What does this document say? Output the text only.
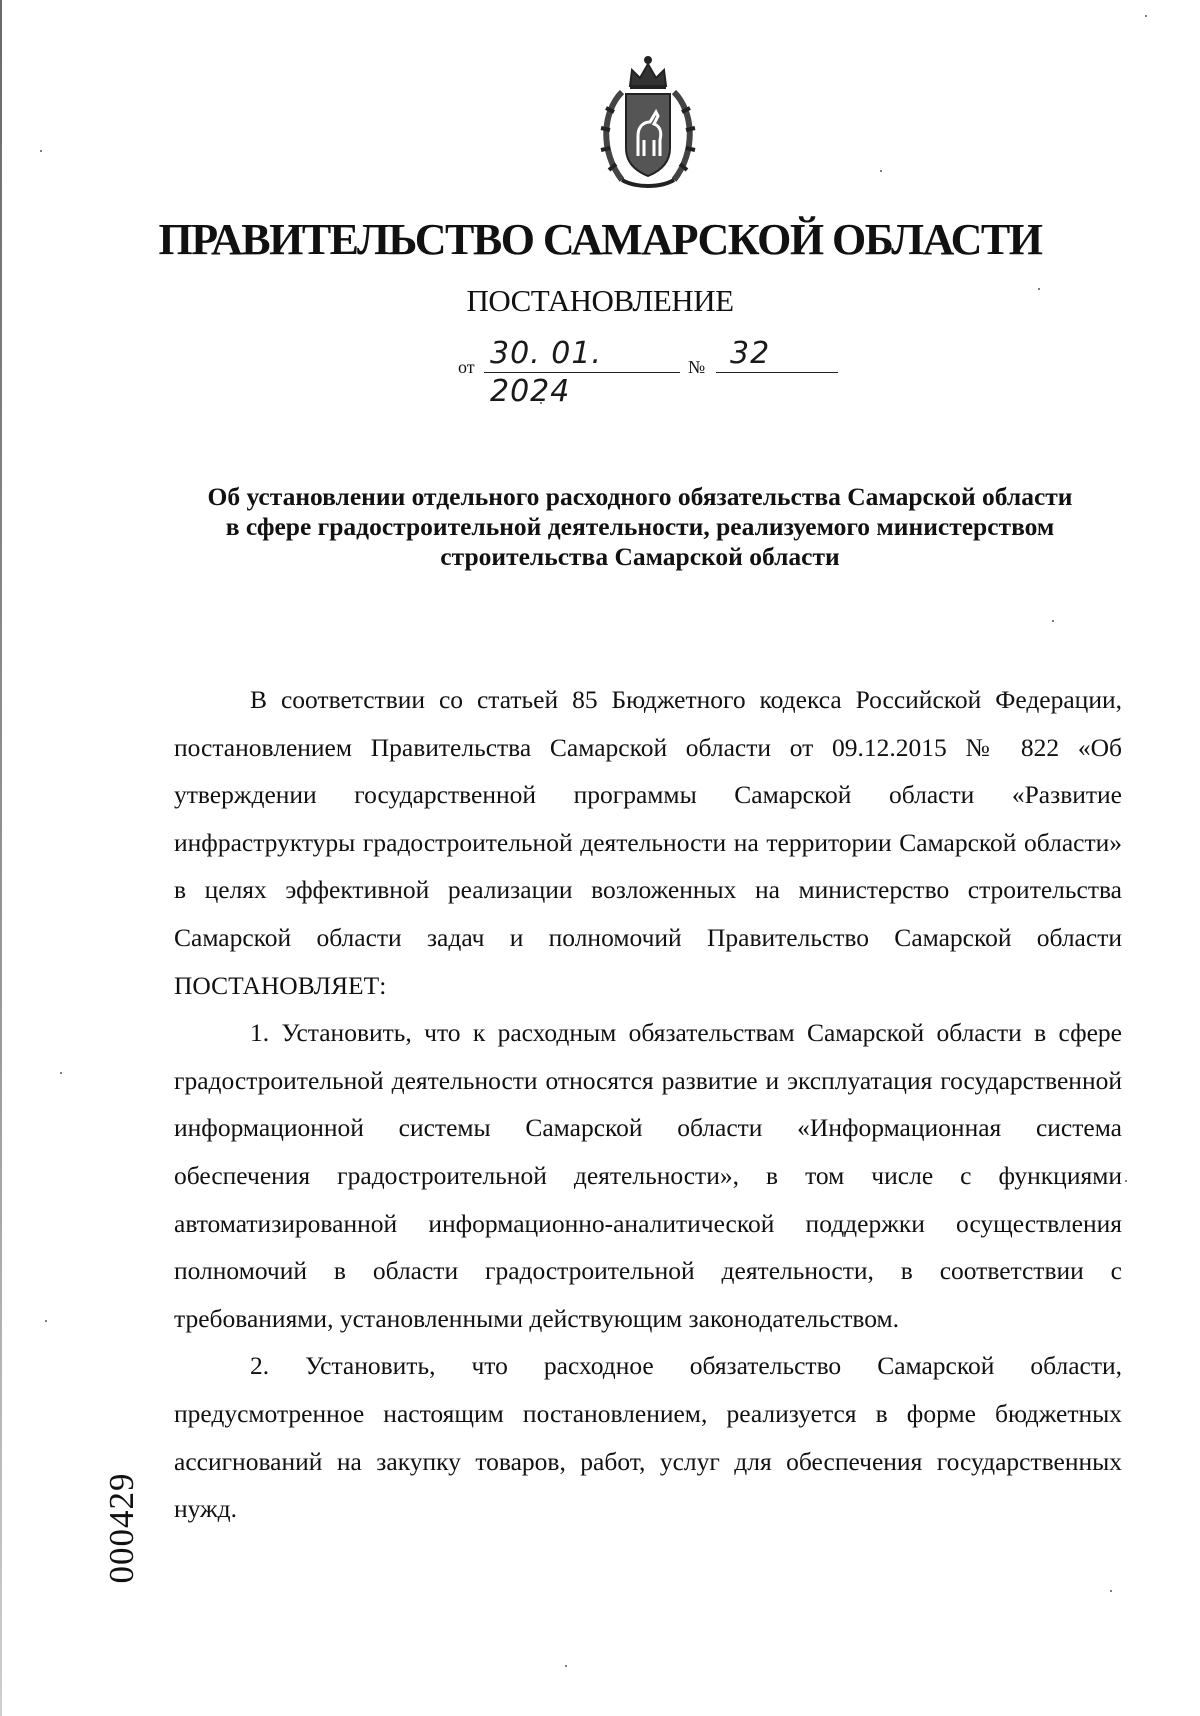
ПРАВИТЕЛЬСТВО САМАРСКОЙ ОБЛАСТИ
ПОСТАНОВЛЕНИЕ
от 30. 01. 2024
№ 32
Об установлении отдельного расходного обязательства Самарской области
в сфере градостроительной деятельности, реализуемого министерством
строительства Самарской области

В соответствии со статьей 85 Бюджетного кодекса Российской Федерации, постановлением Правительства Самарской области от 09.12.2015 № 822 «Об утверждении государственной программы Самарской области «Развитие инфраструктуры градостроительной деятельности на территории Самарской области» в целях эффективной реализации возложенных на министерство строительства Самарской области задач и полномочий Правительство Самарской области ПОСТАНОВЛЯЕТ:

1. Установить, что к расходным обязательствам Самарской области в сфере градостроительной деятельности относятся развитие и эксплуатация государственной информационной системы Самарской области «Информационная система обеспечения градостроительной деятельности», в том числе с функциями автоматизированной информационно-аналитической поддержки осуществления полномочий в области градостроительной деятельности, в соответствии с требованиями, установленными действующим законодательством.

2. Установить, что расходное обязательство Самарской области, предусмотренное настоящим постановлением, реализуется в форме бюджетных ассигнований на закупку товаров, работ, услуг для обеспечения государственных нужд.

000429
